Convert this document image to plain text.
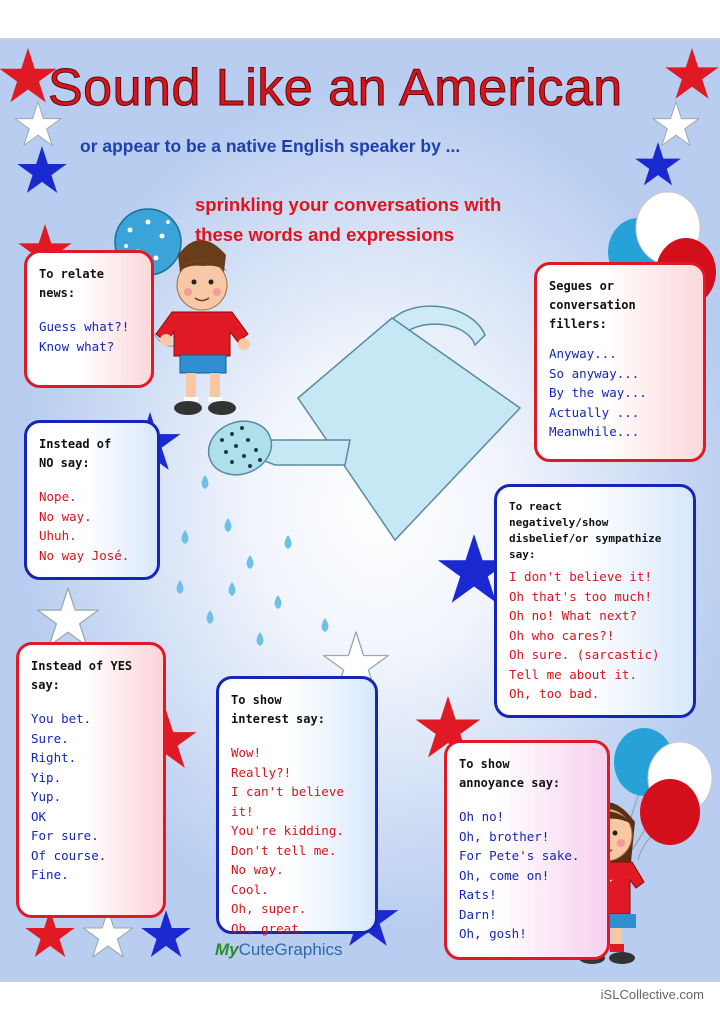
Sound Like an American
or appear to be a native English speaker by ...
sprinkling your conversations with
these words and expressions
To relate
news:
Guess what?!
Know what?
Segues or
conversation
fillers:
Anyway...
So anyway...
By the way...
Actually ...
Meanwhile...
Instead of
NO say:
Nope.
No way.
Uhuh.
No way José.
To react
negatively/show
disbelief/or sympathize
say:
I don't believe it!
Oh that's too much!
Oh no! What next?
Oh who cares?!
Oh sure. (sarcastic)
Tell me about it.
Oh, too bad.
Instead of YES
say:
You bet.
Sure.
Right.
Yip.
Yup.
OK
For sure.
Of course.
Fine.
To show
interest say:
Wow!
Really?!
I can't believe it!
You're kidding.
Don't tell me.
No way.
Cool.
Oh, super.
Oh, great.
To show
annoyance say:
Oh no!
Oh, brother!
For Pete's sake.
Oh, come on!
Rats!
Darn!
Oh, gosh!
MyCuteGraphics
iSLCollective.com
